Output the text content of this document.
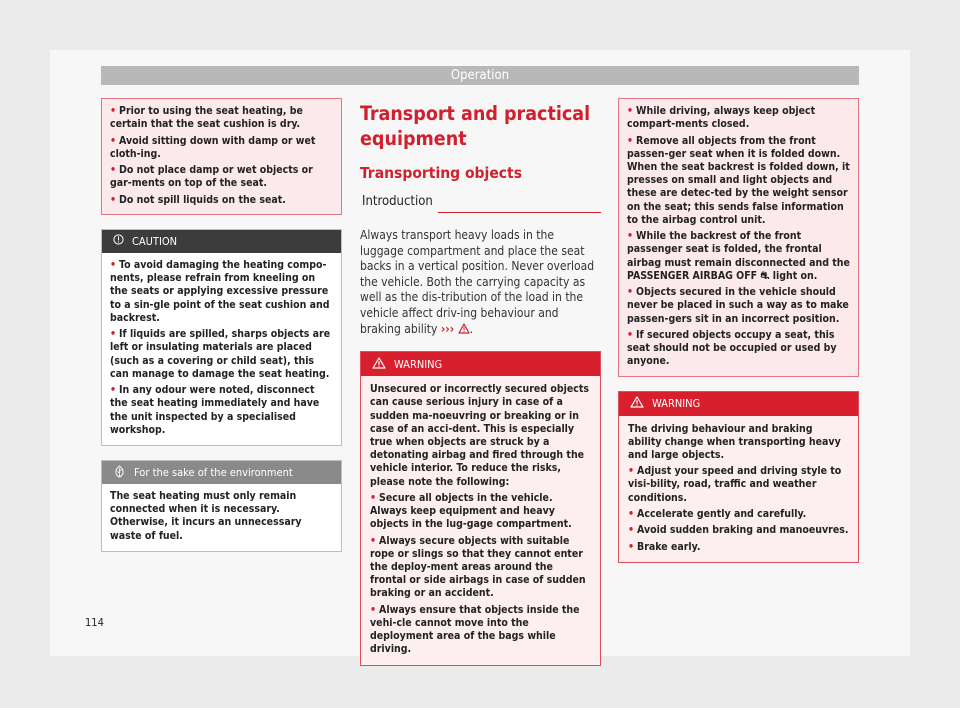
Operation
• Prior to using the seat heating, be certain that the seat cushion is dry.
• Avoid sitting down with damp or wet cloth-ing.
• Do not place damp or wet objects or gar-ments on top of the seat.
• Do not spill liquids on the seat.
CAUTION
• To avoid damaging the heating compo-nents, please refrain from kneeling on the seats or applying excessive pressure to a sin-gle point of the seat cushion and backrest.
• If liquids are spilled, sharps objects are left or insulating materials are placed (such as a covering or child seat), this can manage to damage the seat heating.
• In any odour were noted, disconnect the seat heating immediately and have the unit inspected by a specialised workshop.
For the sake of the environment
The seat heating must only remain connected when it is necessary. Otherwise, it incurs an unnecessary waste of fuel.
Transport and practical
equipment
Transporting objects
Introduction
Always transport heavy loads in the luggage compartment and place the seat backs in a vertical position. Never overload the vehicle. Both the carrying capacity as well as the dis-tribution of the load in the vehicle affect driv-ing behaviour and braking ability ››› .
WARNING
Unsecured or incorrectly secured objects can cause serious injury in case of a sudden ma-noeuvring or breaking or in case of an acci-dent. This is especially true when objects are struck by a detonating airbag and fired through the vehicle interior. To reduce the risks, please note the following:
• Secure all objects in the vehicle. Always keep equipment and heavy objects in the lug-gage compartment.
• Always secure objects with suitable rope or slings so that they cannot enter the deploy-ment areas around the frontal or side airbags in case of sudden braking or an accident.
• Always ensure that objects inside the vehi-cle cannot move into the deployment area of the bags while driving.
• While driving, always keep object compart-ments closed.
• Remove all objects from the front passen-ger seat when it is folded down. When the seat backrest is folded down, it presses on small and light objects and these are detec-ted by the weight sensor on the seat; this sends false information to the airbag control unit.
• While the backrest of the front passenger seat is folded, the frontal airbag must remain disconnected and the PASSENGER AIRBAG OFF ⛐ light on.
• Objects secured in the vehicle should never be placed in such a way as to make passen-gers sit in an incorrect position.
• If secured objects occupy a seat, this seat should not be occupied or used by anyone.
WARNING
The driving behaviour and braking ability change when transporting heavy and large objects.
• Adjust your speed and driving style to visi-bility, road, traffic and weather conditions.
• Accelerate gently and carefully.
• Avoid sudden braking and manoeuvres.
• Brake early.
114
